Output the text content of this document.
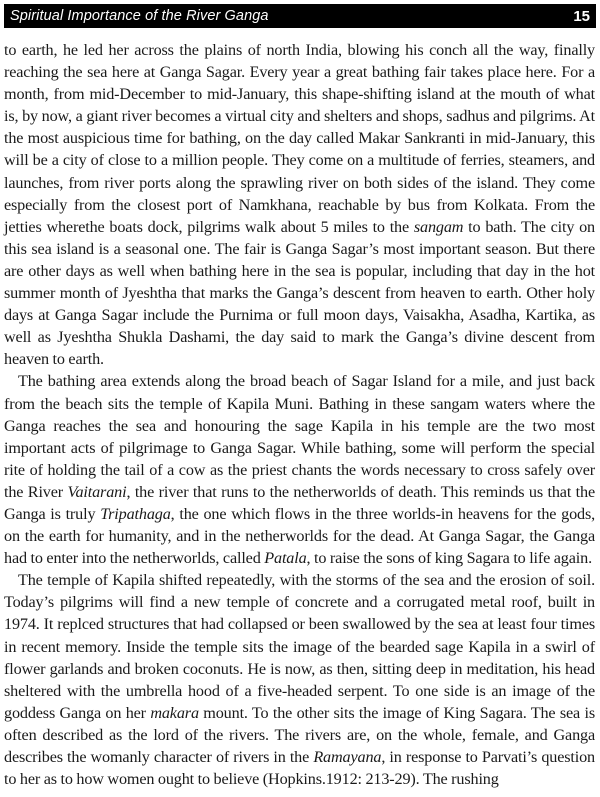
Spiritual Importance of the River Ganga	15

to earth, he led her across the plains of north India, blowing his conch all the way, finally reaching the sea here at Ganga Sagar. Every year a great bathing fair takes place here. For a month, from mid-December to mid-January, this shape-shifting island at the mouth of what is, by now, a giant river becomes a virtual city and shelters and shops, sadhus and pilgrims. At the most auspicious time for bathing, on the day called Makar Sankranti in mid-January, this will be a city of close to a million people. They come on a multitude of ferries, steamers, and launches, from river ports along the sprawling river on both sides of the island. They come especially from the closest port of Namkhana, reachable by bus from Kolkata. From the jetties wherethe boats dock, pilgrims walk about 5 miles to the sangam to bath. The city on this sea island is a seasonal one. The fair is Ganga Sagar’s most important season. But there are other days as well when bathing here in the sea is popular, including that day in the hot summer month of Jyeshtha that marks the Ganga’s descent from heaven to earth. Other holy days at Ganga Sagar include the Purnima or full moon days, Vaisakha, Asadha, Kartika, as well as Jyeshtha Shukla Dashami, the day said to mark the Ganga’s divine descent from heaven to earth.

The bathing area extends along the broad beach of Sagar Island for a mile, and just back from the beach sits the temple of Kapila Muni. Bathing in these sangam waters where the Ganga reaches the sea and honouring the sage Kapila in his temple are the two most important acts of pilgrimage to Ganga Sagar. While bathing, some will perform the special rite of holding the tail of a cow as the priest chants the words necessary to cross safely over the River Vaitarani, the river that runs to the netherworlds of death. This reminds us that the Ganga is truly Tripathaga, the one which flows in the three worlds-in heavens for the gods, on the earth for humanity, and in the netherworlds for the dead. At Ganga Sagar, the Ganga had to enter into the netherworlds, called Patala, to raise the sons of king Sagara to life again.

The temple of Kapila shifted repeatedly, with the storms of the sea and the erosion of soil. Today’s pilgrims will find a new temple of concrete and a corrugated metal roof, built in 1974. It replced structures that had collapsed or been swallowed by the sea at least four times in recent memory. Inside the temple sits the image of the bearded sage Kapila in a swirl of flower garlands and broken coconuts. He is now, as then, sitting deep in meditation, his head sheltered with the umbrella hood of a five-headed serpent. To one side is an image of the goddess Ganga on her makara mount. To the other sits the image of King Sagara. The sea is often described as the lord of the rivers. The rivers are, on the whole, female, and Ganga describes the womanly character of rivers in the Ramayana, in response to Parvati’s question to her as to how women ought to believe (Hopkins.1912: 213-29). The rushing
